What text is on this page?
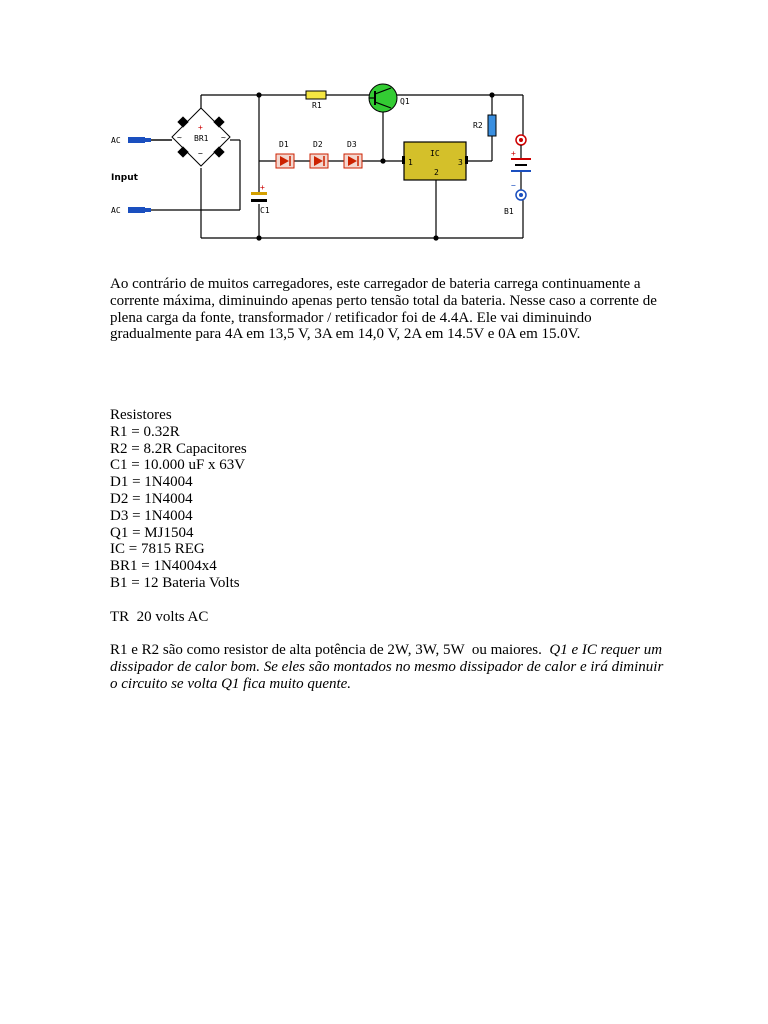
AC
AC
Input
BR1
+
−
~	~
+
C1
R1	Q1
D1	D2	D3
IC
1	3
2
R2
+
−
B1

Ao contrário de muitos carregadores, este carregador de bateria carrega continuamente a corrente máxima, diminuindo apenas perto tensão total da bateria. Nesse caso a corrente de plena carga da fonte, transformador / retificador foi de 4.4A. Ele vai diminuindo gradualmente para 4A em 13,5 V, 3A em 14,0 V, 2A em 14.5V e 0A em 15.0V.

Resistores
R1 = 0.32R
R2 = 8.2R Capacitores
C1 = 10.000 uF x 63V
D1 = 1N4004
D2 = 1N4004
D3 = 1N4004
Q1 = MJ1504
IC = 7815 REG
BR1 = 1N4004x4
B1 = 12 Bateria Volts

TR  20 volts AC

R1 e R2 são como resistor de alta potência de 2W, 3W, 5W  ou maiores.  Q1 e IC requer um dissipador de calor bom. Se eles são montados no mesmo dissipador de calor e irá diminuir o circuito se volta Q1 fica muito quente.
